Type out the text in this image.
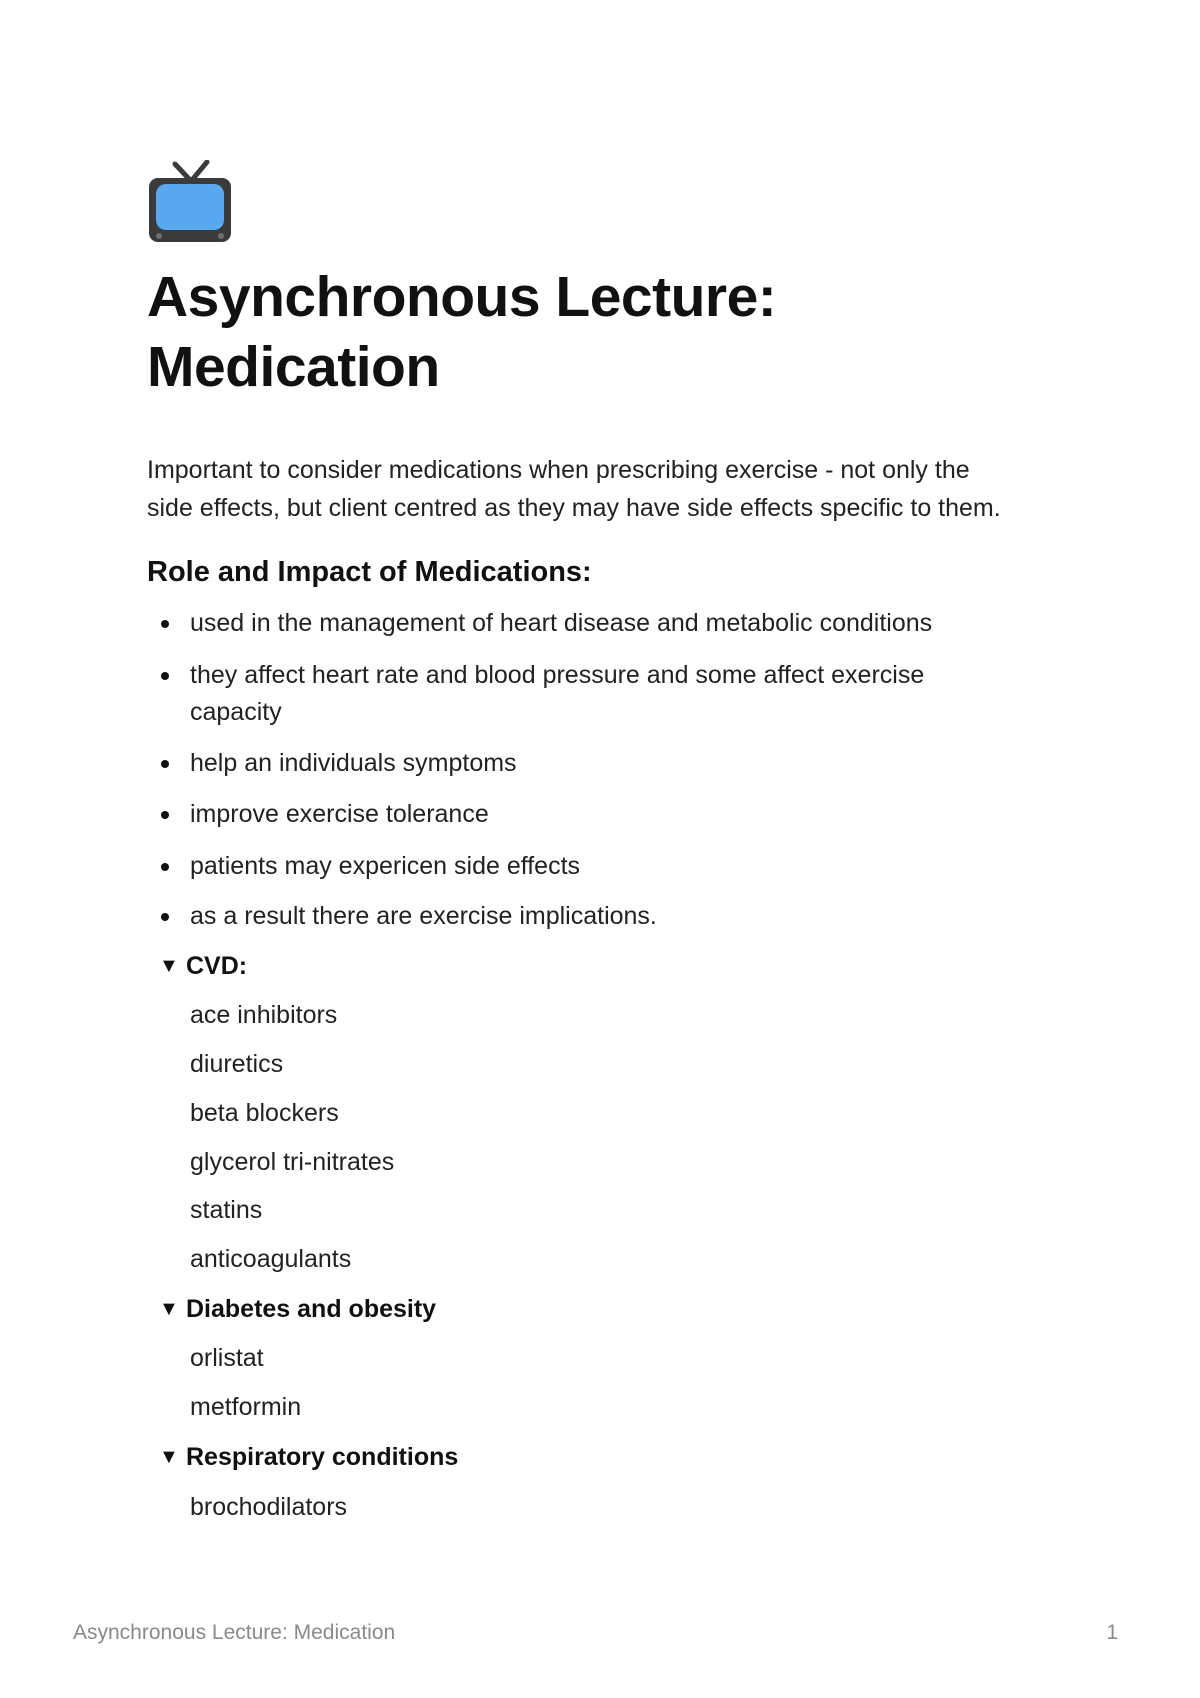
Asynchronous Lecture:
Medication

Important to consider medications when prescribing exercise - not only the
side effects, but client centred as they may have side effects specific to them.

Role and Impact of Medications:
used in the management of heart disease and metabolic conditions
they affect heart rate and blood pressure and some affect exercise
capacity
help an individuals symptoms
improve exercise tolerance
patients may expericen side effects
as a result there are exercise implications.
▼ CVD:
ace inhibitors
diuretics
beta blockers
glycerol tri-nitrates
statins
anticoagulants
▼ Diabetes and obesity
orlistat
metformin
▼ Respiratory conditions
brochodilators
Asynchronous Lecture: Medication	1
